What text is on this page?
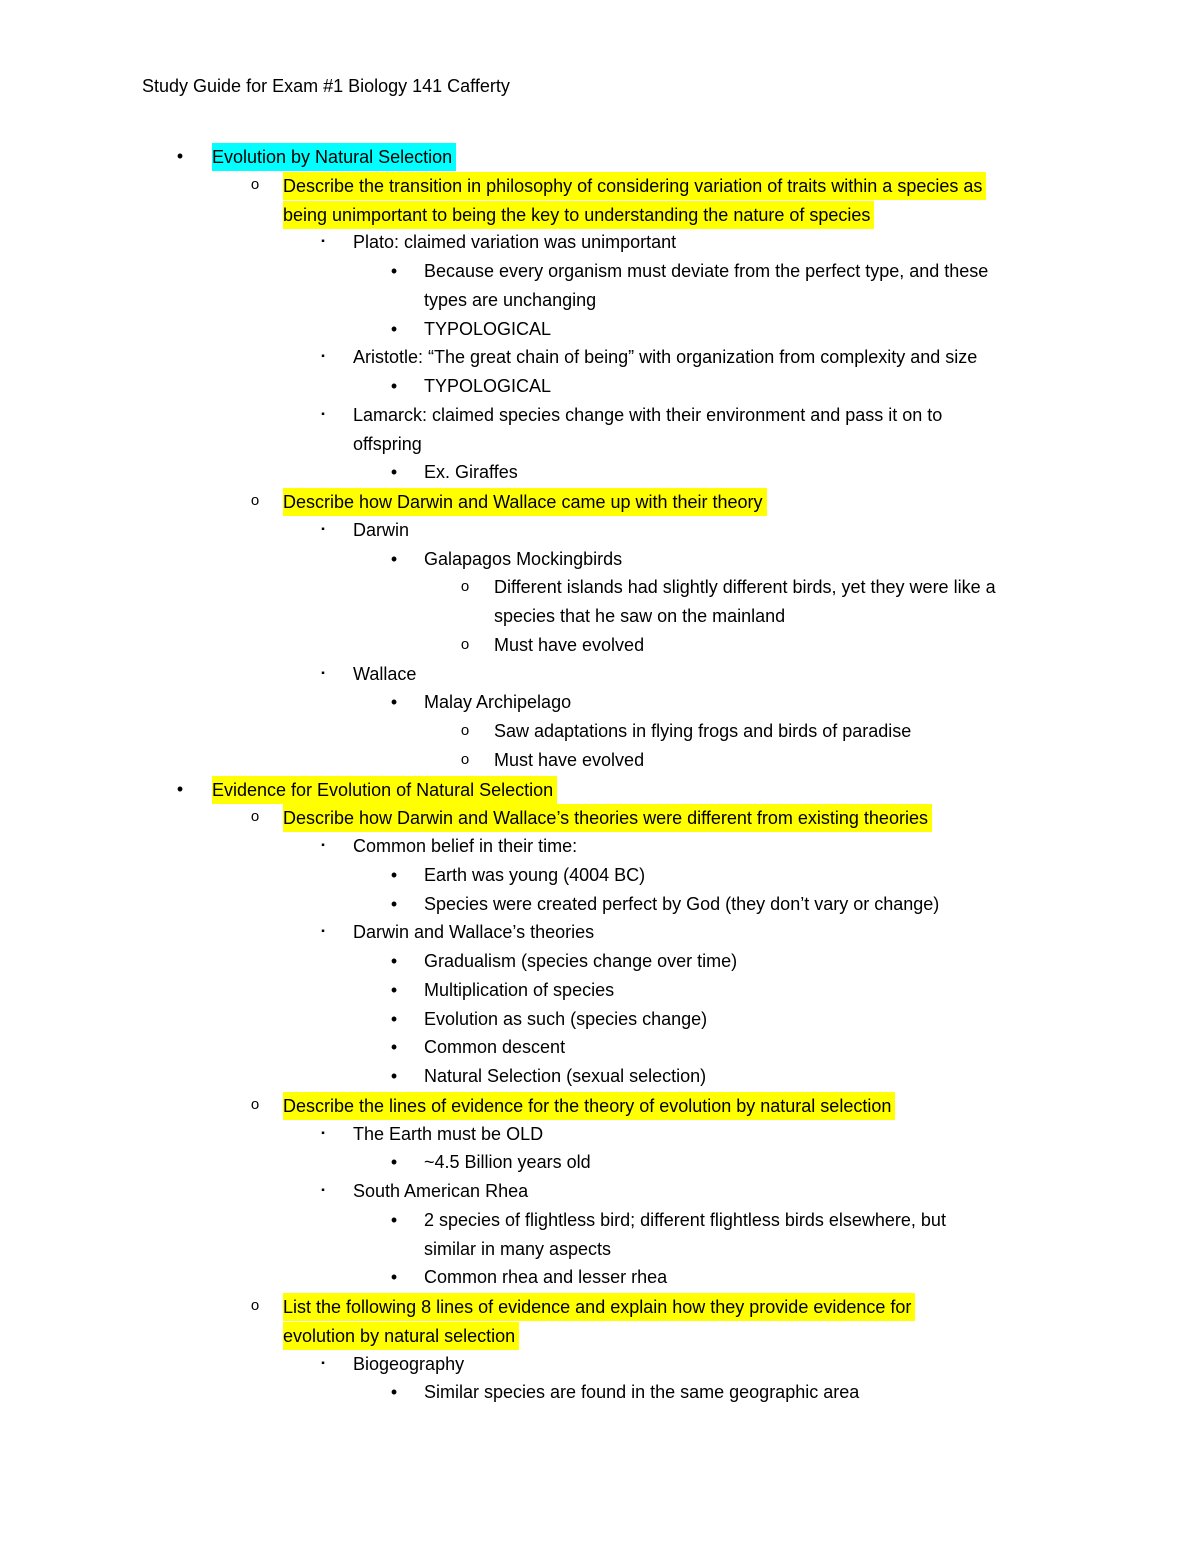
Study Guide for Exam #1 Biology 141 Cafferty
•	Evolution by Natural Selection
o	Describe the transition in philosophy of considering variation of traits within a species as
being unimportant to being the key to understanding the nature of species
▪	Plato: claimed variation was unimportant
•	Because every organism must deviate from the perfect type, and these
types are unchanging
•	TYPOLOGICAL
▪	Aristotle: “The great chain of being” with organization from complexity and size
•	TYPOLOGICAL
▪	Lamarck: claimed species change with their environment and pass it on to
offspring
•	Ex. Giraffes
o	Describe how Darwin and Wallace came up with their theory
▪	Darwin
•	Galapagos Mockingbirds
o	Different islands had slightly different birds, yet they were like a
species that he saw on the mainland
o	Must have evolved
▪	Wallace
•	Malay Archipelago
o	Saw adaptations in flying frogs and birds of paradise
o	Must have evolved
•	Evidence for Evolution of Natural Selection
o	Describe how Darwin and Wallace’s theories were different from existing theories
▪	Common belief in their time:
•	Earth was young (4004 BC)
•	Species were created perfect by God (they don’t vary or change)
▪	Darwin and Wallace’s theories
•	Gradualism (species change over time)
•	Multiplication of species
•	Evolution as such (species change)
•	Common descent
•	Natural Selection (sexual selection)
o	Describe the lines of evidence for the theory of evolution by natural selection
▪	The Earth must be OLD
•	~4.5 Billion years old
▪	South American Rhea
•	2 species of flightless bird; different flightless birds elsewhere, but
similar in many aspects
•	Common rhea and lesser rhea
o	List the following 8 lines of evidence and explain how they provide evidence for
evolution by natural selection
▪	Biogeography
•	Similar species are found in the same geographic area
